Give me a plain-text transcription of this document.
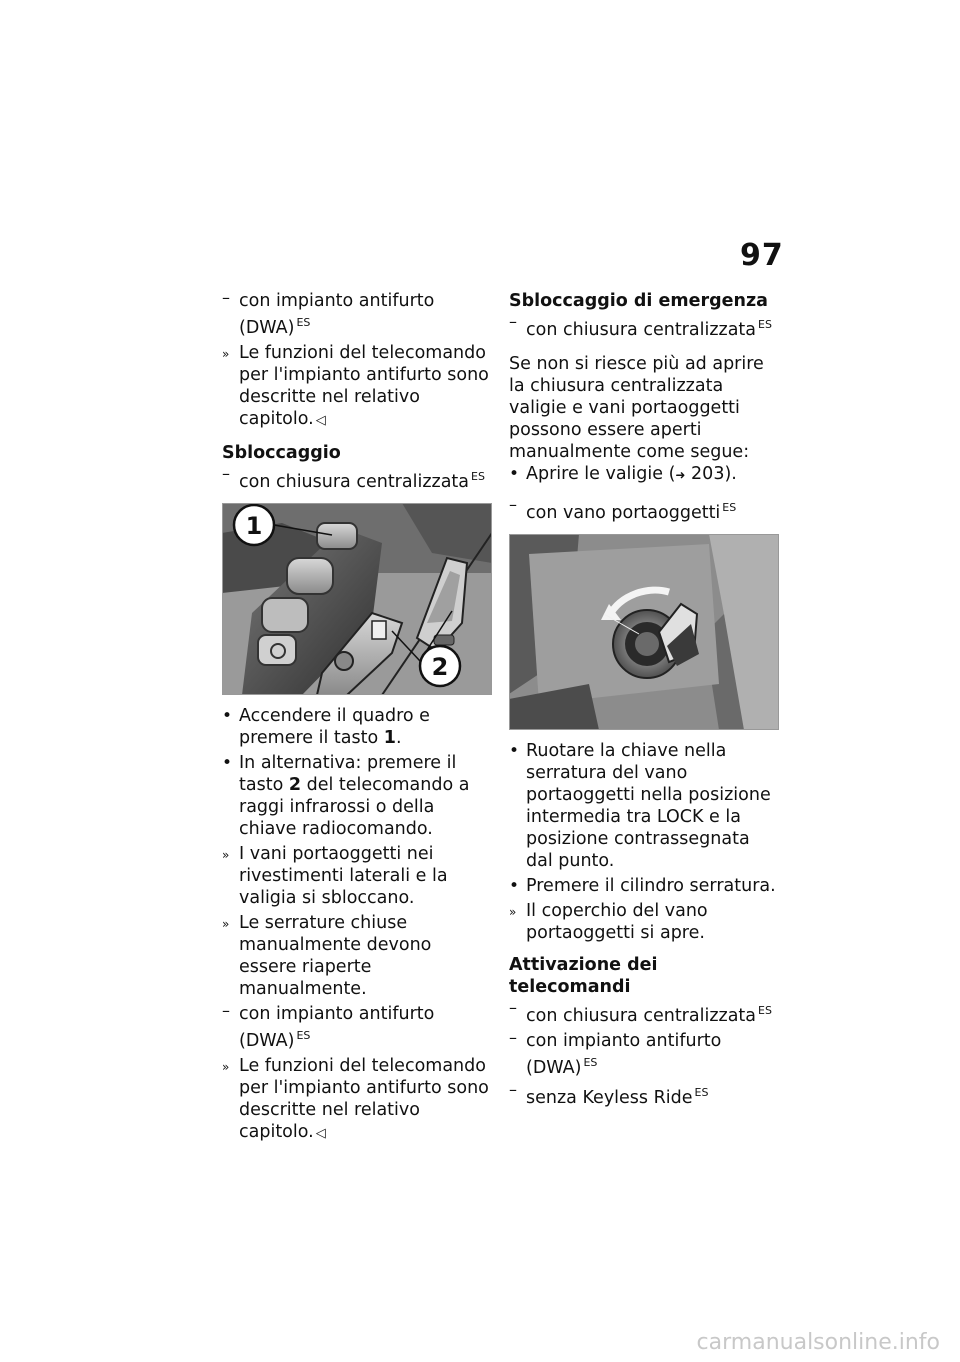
97
– con impianto antifurto
(DWA) $^{ES}$
» Le funzioni del telecomando per l'impianto antifurto sono descritte nel relativo capitolo. ◁
Sbloccaggio
– con chiusura centralizzata $^{ES}$
1
2
• Accendere il quadro e premere il tasto 1.
• In alternativa: premere il tasto 2 del telecomando a raggi infrarossi o della chiave radiocomando.
» I vani portaoggetti nei rivestimenti laterali e la valigia si sbloccano.
» Le serrature chiuse manualmente devono essere riaperte manualmente.
– con impianto antifurto
(DWA) $^{ES}$
» Le funzioni del telecomando per l'impianto antifurto sono descritte nel relativo capitolo. ◁
Sbloccaggio di emergenza
– con chiusura centralizzata $^{ES}$
Se non si riesce più ad aprire la chiusura centralizzata valigie e vani portaoggetti possono essere aperti manualmente come segue:
• Aprire le valigie (➜ 203).
– con vano portaoggetti $^{ES}$
• Ruotare la chiave nella serratura del vano portaoggetti nella posizione intermedia tra LOCK e la posizione contrassegnata dal punto.
• Premere il cilindro serratura.
» Il coperchio del vano portaoggetti si apre.
Attivazione dei telecomandi
– con chiusura centralizzata $^{ES}$
– con impianto antifurto
(DWA) $^{ES}$
– senza Keyless Ride $^{ES}$
carmanualsonline.info
